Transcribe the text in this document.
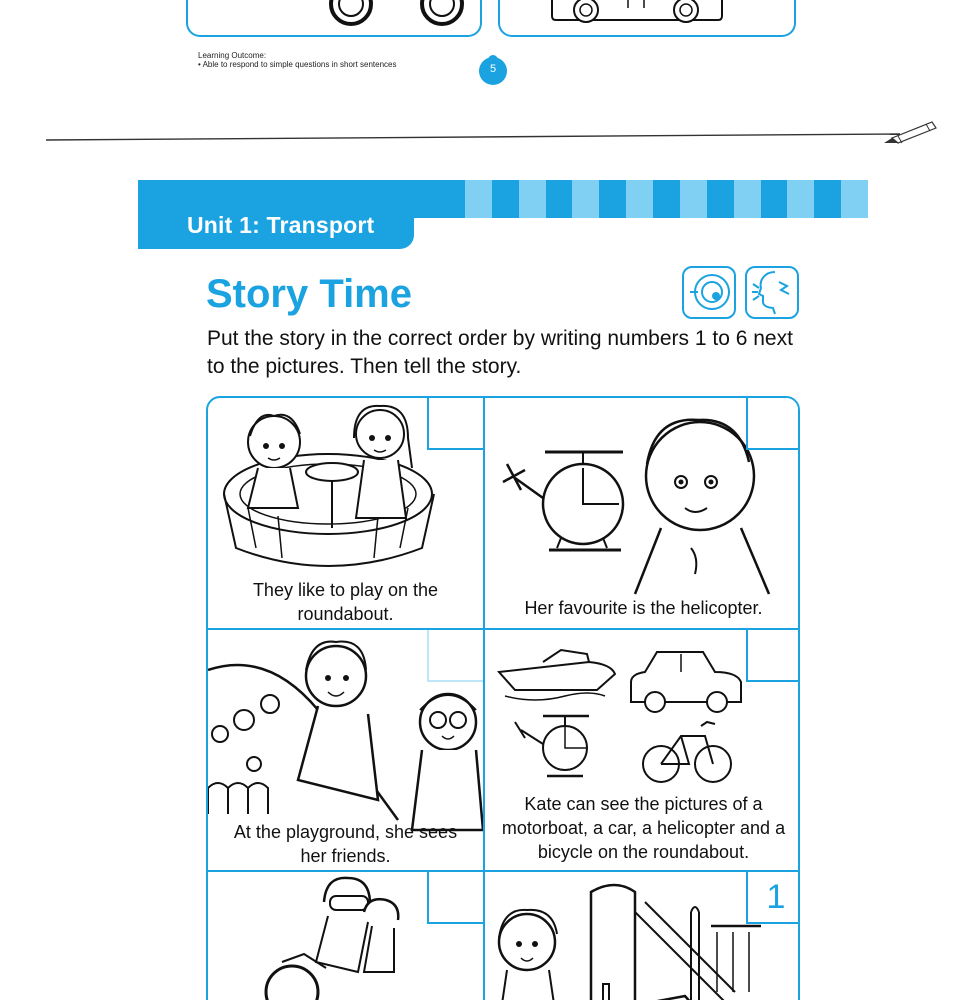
Learning Outcome:
• Able to respond to simple questions in short sentences	5
Unit 1: Transport
Story Time
Put the story in the correct order by writing numbers 1 to 6 next to the pictures. Then tell the story.
They like to play on the
roundabout.	Her favourite is the helicopter.
At the playground, she sees
her friends.
Kate can see the pictures of a
motorboat, a car, a helicopter and a
bicycle on the roundabout.
1
